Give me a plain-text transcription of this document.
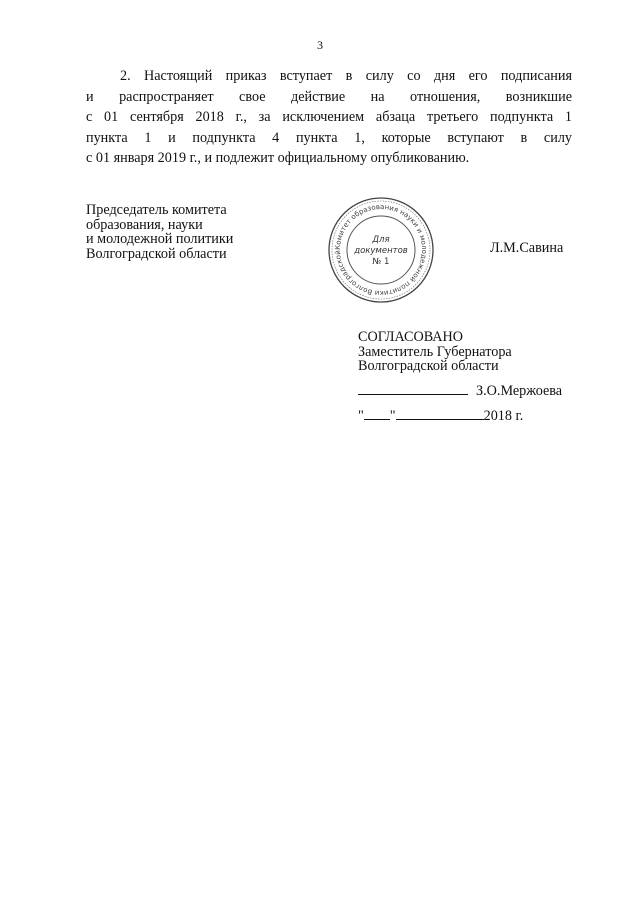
3
2. Настоящий приказ вступает в силу со дня его подписания
и распространяет свое действие на отношения, возникшие
с 01 сентября 2018 г., за исключением абзаца третьего подпункта 1
пункта 1 и подпункта 4 пункта 1, которые вступают в силу
с 01 января 2019 г., и подлежит официальному опубликованию.
Председатель комитета
образования, науки
и молодежной политики
Волгоградской области	Комитет образования науки и молодежной политики Волгоградской
Для
документов
№ 1
Л.М.Савина
СОГЛАСОВАНО
Заместитель Губернатора
Волгоградской области
З.О.Мержоева
" "	2018 г.
